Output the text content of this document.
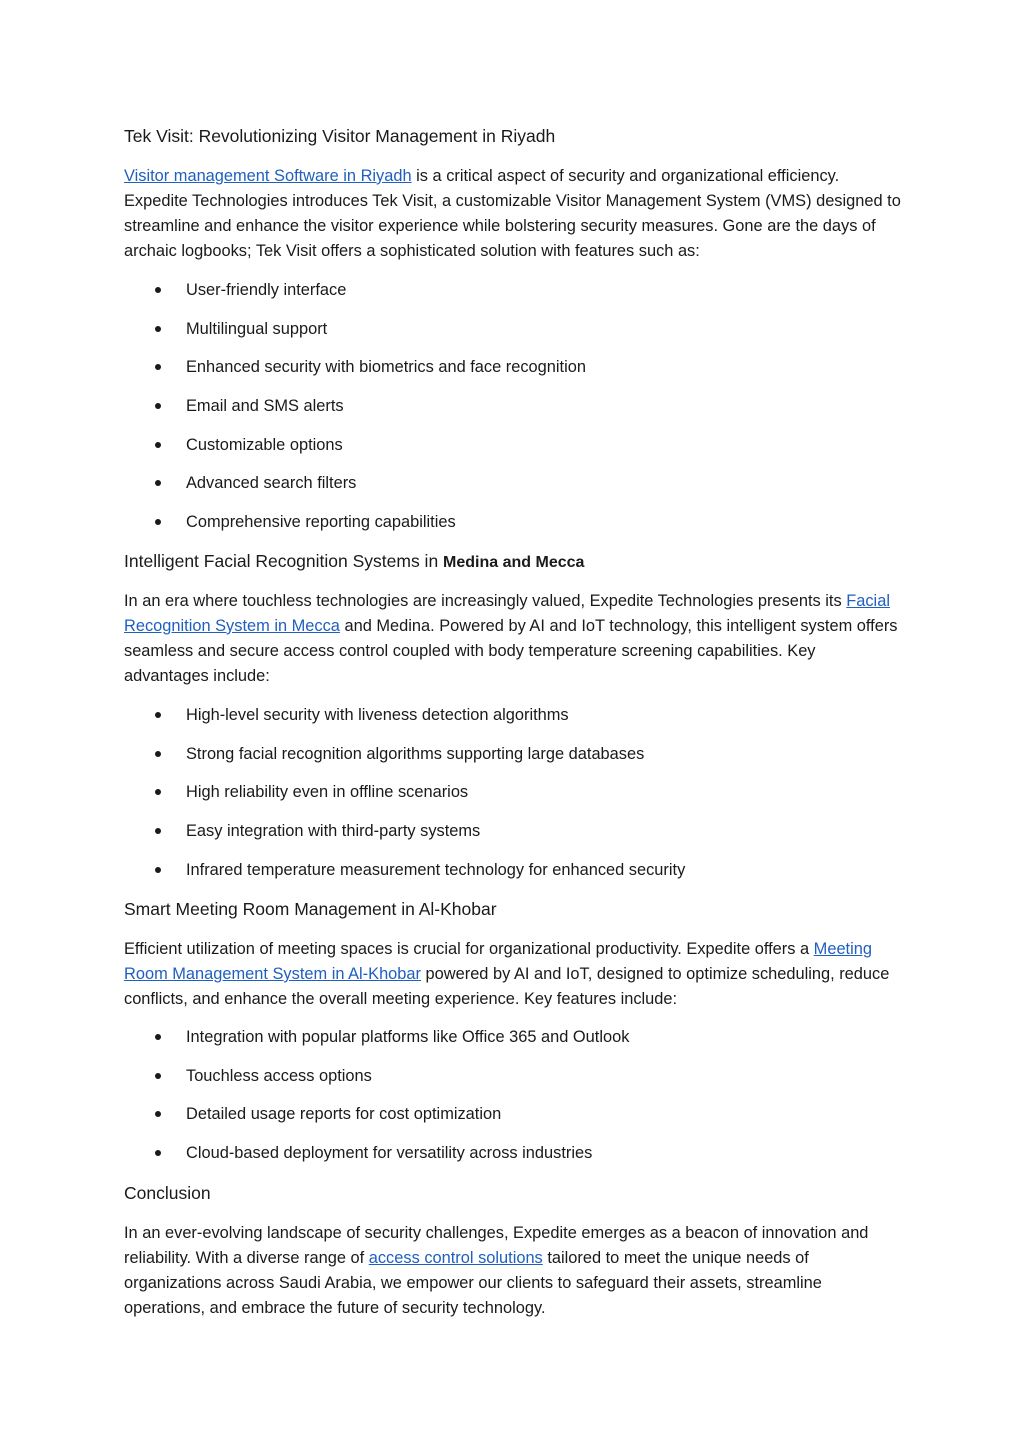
Tek Visit: Revolutionizing Visitor Management in Riyadh

Visitor management Software in Riyadh is a critical aspect of security and organizational efficiency. Expedite Technologies introduces Tek Visit, a customizable Visitor Management System (VMS) designed to streamline and enhance the visitor experience while bolstering security measures. Gone are the days of archaic logbooks; Tek Visit offers a sophisticated solution with features such as:

User-friendly interface
Multilingual support
Enhanced security with biometrics and face recognition
Email and SMS alerts
Customizable options
Advanced search filters
Comprehensive reporting capabilities
Intelligent Facial Recognition Systems in Medina and Mecca

In an era where touchless technologies are increasingly valued, Expedite Technologies presents its Facial Recognition System in Mecca and Medina. Powered by AI and IoT technology, this intelligent system offers seamless and secure access control coupled with body temperature screening capabilities. Key advantages include:

High-level security with liveness detection algorithms
Strong facial recognition algorithms supporting large databases
High reliability even in offline scenarios
Easy integration with third-party systems
Infrared temperature measurement technology for enhanced security
Smart Meeting Room Management in Al-Khobar

Efficient utilization of meeting spaces is crucial for organizational productivity. Expedite offers a Meeting Room Management System in Al-Khobar powered by AI and IoT, designed to optimize scheduling, reduce conflicts, and enhance the overall meeting experience. Key features include:

Integration with popular platforms like Office 365 and Outlook
Touchless access options
Detailed usage reports for cost optimization
Cloud-based deployment for versatility across industries
Conclusion

In an ever-evolving landscape of security challenges, Expedite emerges as a beacon of innovation and reliability. With a diverse range of access control solutions tailored to meet the unique needs of organizations across Saudi Arabia, we empower our clients to safeguard their assets, streamline operations, and embrace the future of security technology.
